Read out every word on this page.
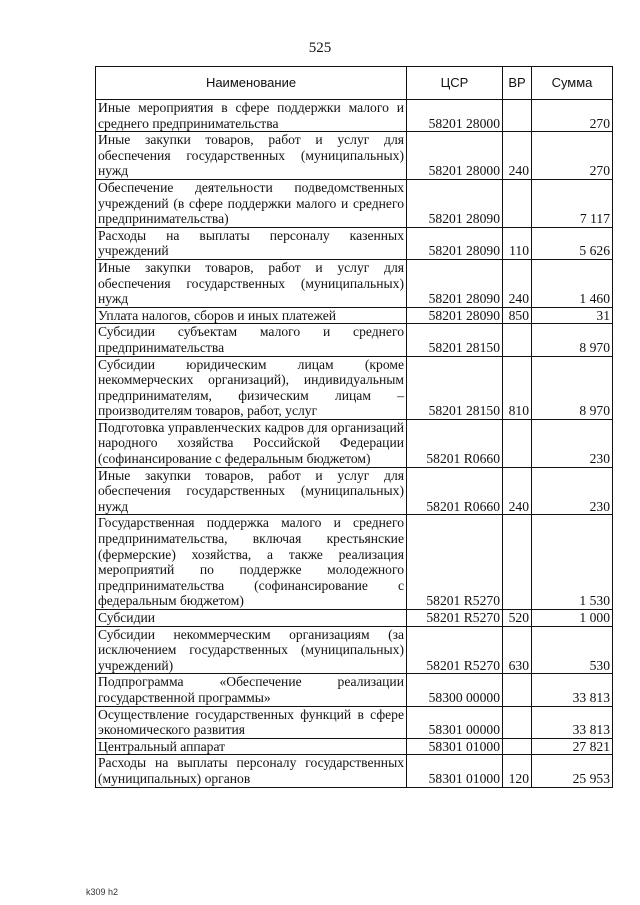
525
Наименование	ЦСР	ВР	Сумма
Иные мероприятия в сфере поддержки малого и среднего предпринимательства	58201 28000		270
Иные закупки товаров, работ и услуг для обеспечения государственных (муниципальных) нужд	58201 28000	240	270
Обеспечение деятельности подведомственных учреждений (в сфере поддержки малого и среднего предпринимательства)	58201 28090		7 117
Расходы на выплаты персоналу казенных учреждений	58201 28090	110	5 626
Иные закупки товаров, работ и услуг для обеспечения государственных (муниципальных) нужд	58201 28090	240	1 460
Уплата налогов, сборов и иных платежей	58201 28090	850	31
Субсидии субъектам малого и среднего предпринимательства	58201 28150		8 970
Субсидии юридическим лицам (кроме некоммерческих организаций), индивидуальным предпринимателям, физическим лицам – производителям товаров, работ, услуг	58201 28150	810	8 970
Подготовка управленческих кадров для организаций народного хозяйства Российской Федерации (софинансирование с федеральным бюджетом)	58201 R0660		230
Иные закупки товаров, работ и услуг для обеспечения государственных (муниципальных) нужд	58201 R0660	240	230
Государственная поддержка малого и среднего предпринимательства, включая крестьянские (фермерские) хозяйства, а также реализация мероприятий по поддержке молодежного предпринимательства (софинансирование с федеральным бюджетом)	58201 R5270		1 530
Субсидии	58201 R5270	520	1 000
Субсидии некоммерческим организациям (за исключением государственных (муниципальных) учреждений)	58201 R5270	630	530
Подпрограмма «Обеспечение реализации государственной программы»	58300 00000		33 813
Осуществление государственных функций в сфере экономического развития	58301 00000		33 813
Центральный аппарат	58301 01000		27 821
Расходы на выплаты персоналу государственных (муниципальных) органов	58301 01000	120	25 953
k309 h2
